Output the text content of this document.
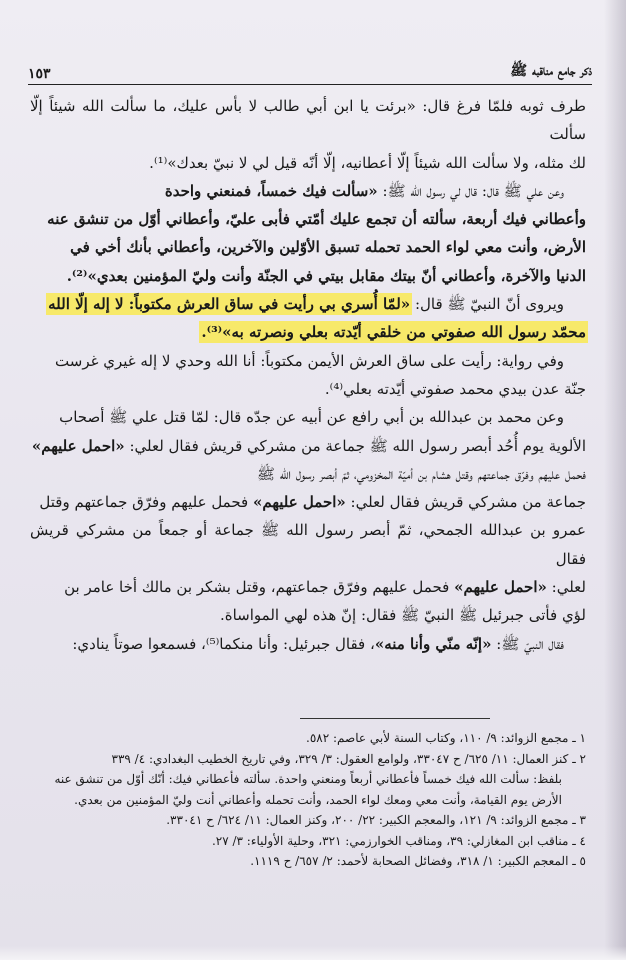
ذكر جامع مناقبه ﷺ
١٥٣

طرف ثوبه فلمّا فرغ قال: «برئت يا ابن أبي طالب لا بأس عليك، ما سألت الله شيئاً إلّا سألت

لك مثله، ولا سألت الله شيئاً إلّا أعطانيه، إلّا أنّه قيل لي لا نبيّ بعدك»⁽¹⁾.

وعن علي ﷺ قال: قال لي رسول الله ﷺ: «سألت فيك خمساً، فمنعني واحدة

وأعطاني فيك أربعة، سألته أن تجمع عليك أمّتي فأبى عليّ، وأعطاني أوّل من تنشق عنه

الأرض، وأنت معي لواء الحمد تحمله تسبق الأوّلين والآخرين، وأعطاني بأنك أخي في

الدنيا والآخرة، وأعطاني أنّ بيتك مقابل بيتي في الجنّة وأنت وليّ المؤمنين بعدي»⁽²⁾.

ويروى أنّ النبيّ ﷺ قال: «لمّا أُسري بي رأيت في ساق العرش مكتوباً: لا إله إلّا الله

محمّد رسول الله صفوتي من خلقي أيّدته بعلي ونصرته به»⁽³⁾.

وفي رواية: رأيت على ساق العرش الأيمن مكتوباً: أنا الله وحدي لا إله غيري غرست

جنّة عدن بيدي محمد صفوتي أيّدته بعلي⁽⁴⁾.

وعن محمد بن عبدالله بن أبي رافع عن أبيه عن جدّه قال: لمّا قتل علي ﷺ أصحاب

الألوية يوم أُحُد أبصر رسول الله ﷺ جماعة من مشركي قريش فقال لعلي: «احمل عليهم»

فحمل عليهم وفرّق جماعتهم وقتل هشام بن أميّة المخزومي، ثمّ أبصر رسول الله ﷺ

جماعة من مشركي قريش فقال لعلي: «احمل عليهم» فحمل عليهم وفرّق جماعتهم وقتل

عمرو بن عبدالله الجمحي، ثمّ أبصر رسول الله ﷺ جماعة أو جمعاً من مشركي قريش فقال

لعلي: «احمل عليهم» فحمل عليهم وفرّق جماعتهم، وقتل بشكر بن مالك أخا عامر بن

لؤي فأتى جبرئيل ﷺ النبيّ ﷺ فقال: إنّ هذه لهي المواساة.

فقال النبيّ ﷺ: «إنّه منّي وأنا منه»، فقال جبرئيل: وأنا منكما⁽⁵⁾، فسمعوا صوتاً ينادي:

١ ـ مجمع الزوائد: ٩/ ١١٠، وكتاب السنة لأبي عاصم: ٥٨٢.

٢ ـ كنز العمال: ١١/ ٦٢٥/ ح ٣٣٠٤٧، ولوامع العقول: ٣/ ٣٢٩، وفي تاريخ الخطيب البغدادي: ٤/ ٣٣٩

بلفظ: سألت الله فيك خمساً فأعطاني أربعاً ومنعني واحدة. سألته فأعطاني فيك: أنّك أوّل من تنشق عنه

الأرض يوم القيامة، وأنت معي ومعك لواء الحمد، وأنت تحمله وأعطاني أنت وليّ المؤمنين من بعدي.

٣ ـ مجمع الزوائد: ٩/ ١٢١، والمعجم الكبير: ٢٢/ ٢٠٠، وكنز العمال: ١١/ ٦٢٤/ ح ٣٣٠٤١.

٤ ـ مناقب ابن المغازلي: ٣٩، ومناقب الخوارزمي: ٣٢١، وحلية الأولياء: ٣/ ٢٧.

٥ ـ المعجم الكبير: ١/ ٣١٨، وفضائل الصحابة لأحمد: ٢/ ٦٥٧/ ح ١١١٩.
